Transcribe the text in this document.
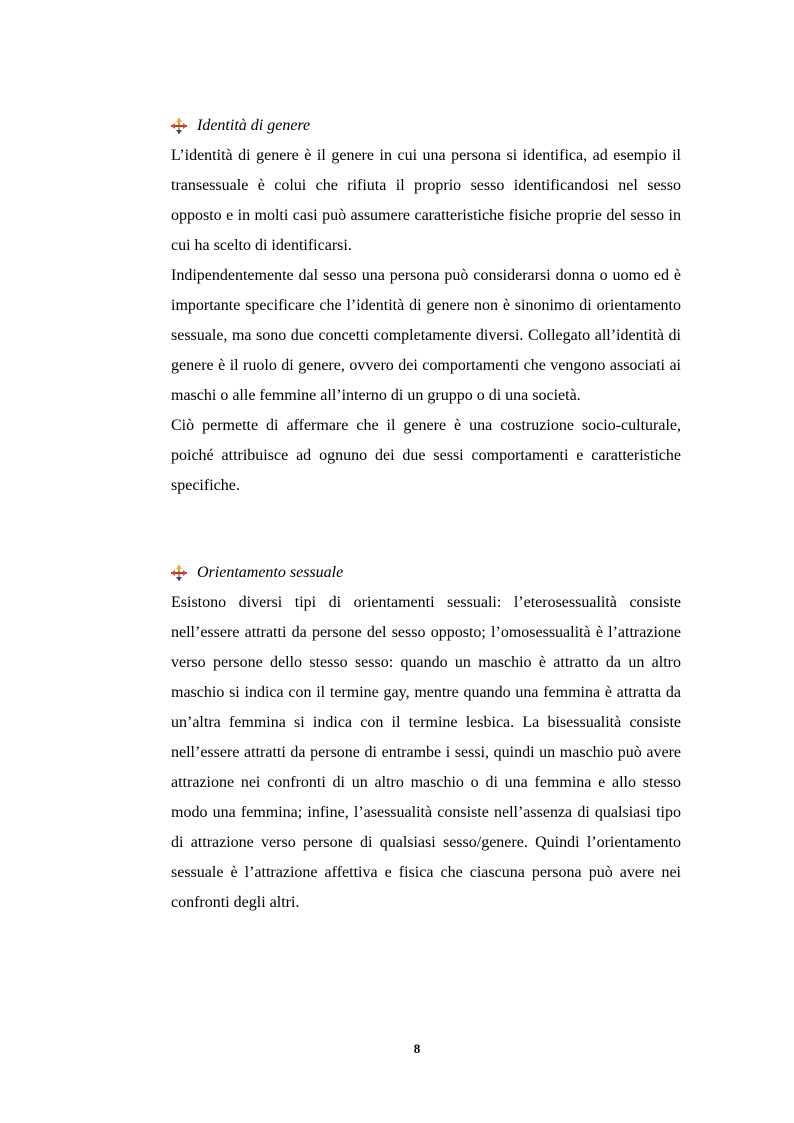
Identità di genere

L’identità di genere è il genere in cui una persona si identifica, ad esempio il transessuale è colui che rifiuta il proprio sesso identificandosi nel sesso opposto e in molti casi può assumere caratteristiche fisiche proprie del sesso in cui ha scelto di identificarsi.

Indipendentemente dal sesso una persona può considerarsi donna o uomo ed è importante specificare che l’identità di genere non è sinonimo di orientamento sessuale, ma sono due concetti completamente diversi. Collegato all’identità di genere è il ruolo di genere, ovvero dei comportamenti che vengono associati ai maschi o alle femmine all’interno di un gruppo o di una società.

Ciò permette di affermare che il genere è una costruzione socio-culturale, poiché attribuisce ad ognuno dei due sessi comportamenti e caratteristiche specifiche.

Orientamento sessuale

Esistono diversi tipi di orientamenti sessuali: l’eterosessualità consiste nell’essere attratti da persone del sesso opposto; l’omosessualità è l’attrazione verso persone dello stesso sesso: quando un maschio è attratto da un altro maschio si indica con il termine gay, mentre quando una femmina è attratta da un’altra femmina si indica con il termine lesbica. La bisessualità consiste nell’essere attratti da persone di entrambe i sessi, quindi un maschio può avere attrazione nei confronti di un altro maschio o di una femmina e allo stesso modo una femmina; infine, l’asessualità consiste nell’assenza di qualsiasi tipo di attrazione verso persone di qualsiasi sesso/genere. Quindi l’orientamento sessuale è l’attrazione affettiva e fisica che ciascuna persona può avere nei confronti degli altri.

8
